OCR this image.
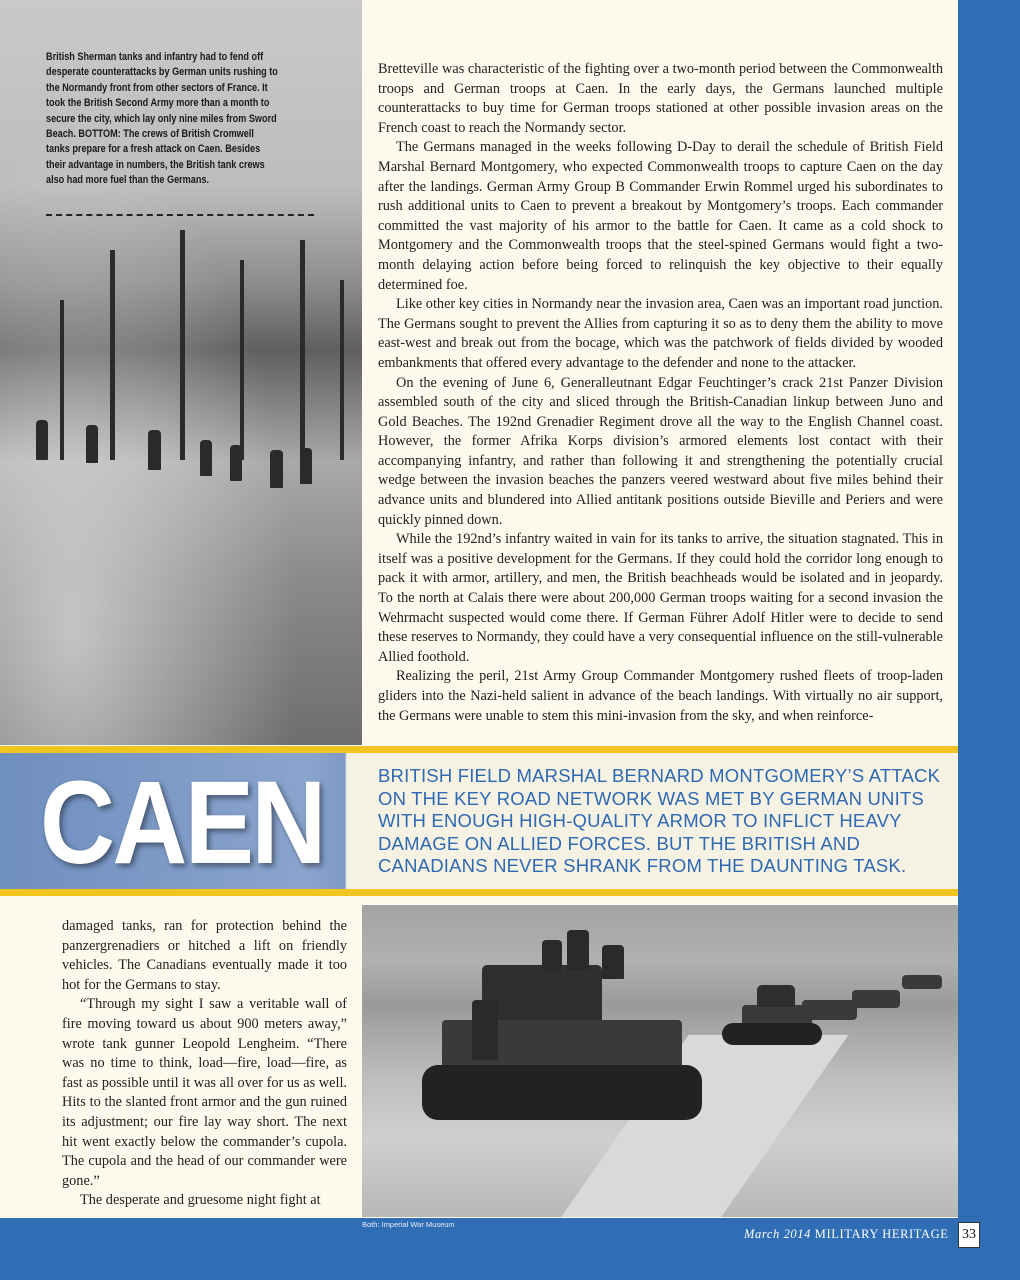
British Sherman tanks and infantry had to fend off desperate counterattacks by German units rushing to the Normandy front from other sectors of France. It took the British Second Army more than a month to secure the city, which lay only nine miles from Sword Beach. BOTTOM: The crews of British Cromwell tanks prepare for a fresh attack on Caen. Besides their advantage in numbers, the British tank crews also had more fuel than the Germans.

Bretteville was characteristic of the fighting over a two-month period between the Commonwealth troops and German troops at Caen. In the early days, the Germans launched multiple counterattacks to buy time for German troops stationed at other possible invasion areas on the French coast to reach the Normandy sector.

The Germans managed in the weeks following D-Day to derail the schedule of British Field Marshal Bernard Montgomery, who expected Commonwealth troops to capture Caen on the day after the landings. German Army Group B Commander Erwin Rommel urged his subordinates to rush additional units to Caen to prevent a breakout by Montgomery’s troops. Each commander committed the vast majority of his armor to the battle for Caen. It came as a cold shock to Montgomery and the Commonwealth troops that the steel-spined Germans would fight a two-month delaying action before being forced to relinquish the key objective to their equally determined foe.

Like other key cities in Normandy near the invasion area, Caen was an important road junction. The Germans sought to prevent the Allies from capturing it so as to deny them the ability to move east-west and break out from the bocage, which was the patchwork of fields divided by wooded embankments that offered every advantage to the defender and none to the attacker.

On the evening of June 6, Generalleutnant Edgar Feuchtinger’s crack 21st Panzer Division assembled south of the city and sliced through the British-Canadian linkup between Juno and Gold Beaches. The 192nd Grenadier Regiment drove all the way to the English Channel coast. However, the former Afrika Korps division’s armored elements lost contact with their accompanying infantry, and rather than following it and strengthening the potentially crucial wedge between the invasion beaches the panzers veered westward about five miles behind their advance units and blundered into Allied antitank positions outside Bieville and Periers and were quickly pinned down.

While the 192nd’s infantry waited in vain for its tanks to arrive, the situation stagnated. This in itself was a positive development for the Germans. If they could hold the corridor long enough to pack it with armor, artillery, and men, the British beachheads would be isolated and in jeopardy. To the north at Calais there were about 200,000 German troops waiting for a second invasion the Wehrmacht suspected would come there. If German Führer Adolf Hitler were to decide to send these reserves to Normandy, they could have a very consequential influence on the still-vulnerable Allied foothold.

Realizing the peril, 21st Army Group Commander Montgomery rushed fleets of troop-laden gliders into the Nazi-held salient in advance of the beach landings. With virtually no air support, the Germans were unable to stem this mini-invasion from the sky, and when reinforce-

CAEN	BRITISH FIELD MARSHAL BERNARD MONTGOMERY’S ATTACK ON THE KEY ROAD NETWORK WAS MET BY GERMAN UNITS WITH ENOUGH HIGH-QUALITY ARMOR TO INFLICT HEAVY DAMAGE ON ALLIED FORCES. BUT THE BRITISH AND CANADIANS NEVER SHRANK FROM THE DAUNTING TASK.

damaged tanks, ran for protection behind the panzergrenadiers or hitched a lift on friendly vehicles. The Canadians eventually made it too hot for the Germans to stay.

“Through my sight I saw a veritable wall of fire moving toward us about 900 meters away,” wrote tank gunner Leopold Lengheim. “There was no time to think, load—fire, load—fire, as fast as possible until it was all over for us as well. Hits to the slanted front armor and the gun ruined its adjustment; our fire lay way short. The next hit went exactly below the commander’s cupola. The cupola and the head of our commander were gone.”

The desperate and gruesome night fight at

Both: Imperial War Museum
March 2014 MILITARY HERITAGE 33
